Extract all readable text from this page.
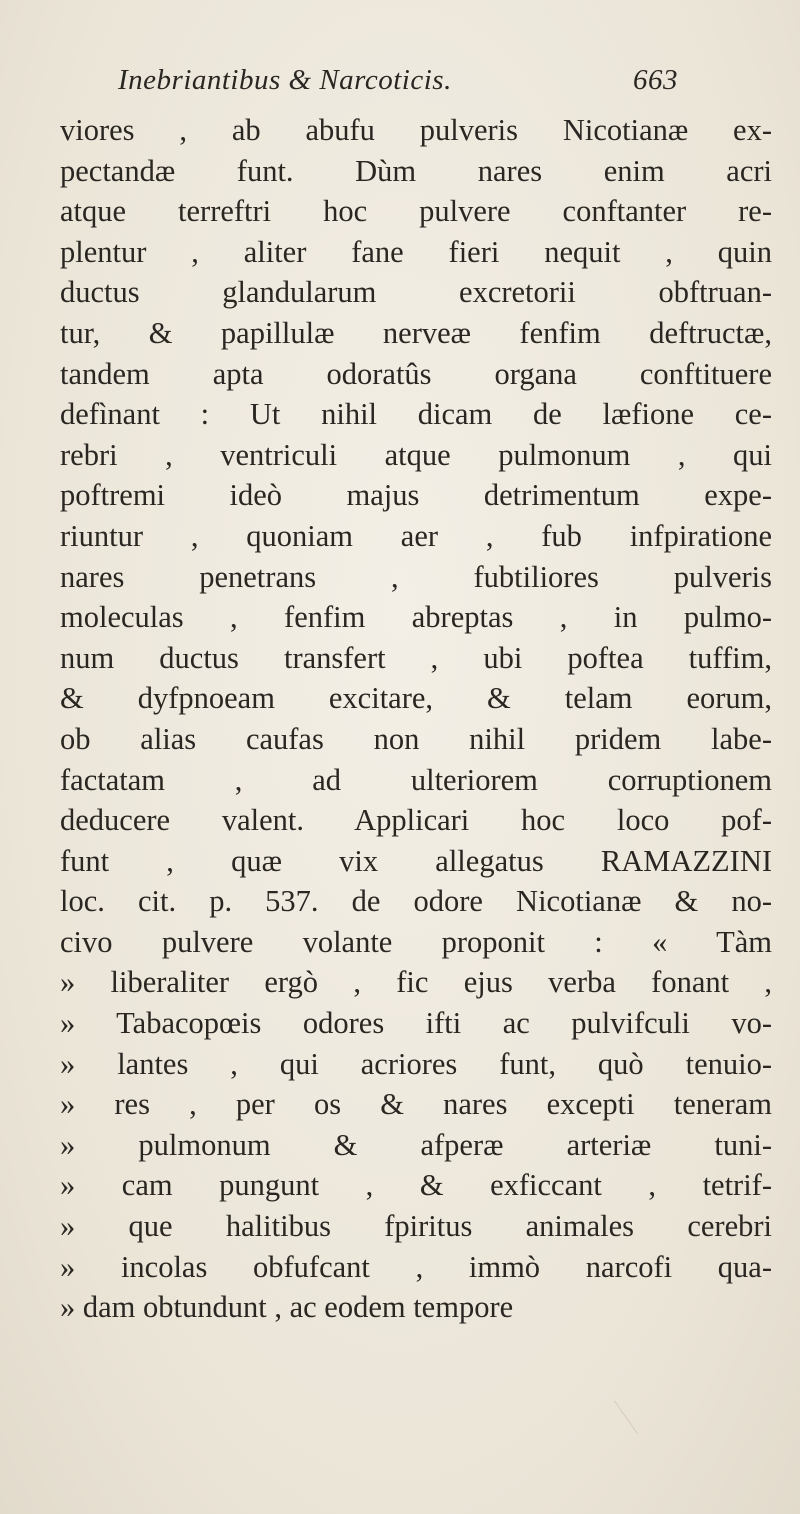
Inebriantibus & Narcoticis.	663
viores , ab abufu pulveris Nicotianæ ex-
pectandæ funt. Dùm nares enim acri
atque terreftri hoc pulvere conftanter re-
plentur , aliter fane fieri nequit , quin
ductus glandularum excretorii obftruan-
tur, & papillulæ nerveæ fenfim deftructæ,
tandem apta odoratûs organa conftituere
defìnant : Ut nihil dicam de læfione ce-
rebri , ventriculi atque pulmonum , qui
poftremi ideò majus detrimentum expe-
riuntur , quoniam aer , fub infpiratione
nares penetrans , fubtiliores pulveris
moleculas , fenfim abreptas , in pulmo-
num ductus transfert , ubi poftea tuffim,
& dyfpnoeam excitare, & telam eorum,
ob alias caufas non nihil pridem labe-
factatam , ad ulteriorem corruptionem
deducere valent. Applicari hoc loco pof-
funt , quæ vix allegatus RAMAZZINI
loc. cit. p. 537. de odore Nicotianæ & no-
civo pulvere volante proponit : « Tàm
» liberaliter ergò , fic ejus verba fonant ,
» Tabacopœis odores ifti ac pulvifculi vo-
» lantes , qui acriores funt, quò tenuio-
» res , per os & nares excepti teneram
» pulmonum & afperæ arteriæ tuni-
» cam pungunt , & exficcant , tetrif-
» que halitibus fpiritus animales cerebri
» incolas obfufcant , immò narcofi qua-
» dam obtundunt , ac eodem tempore
